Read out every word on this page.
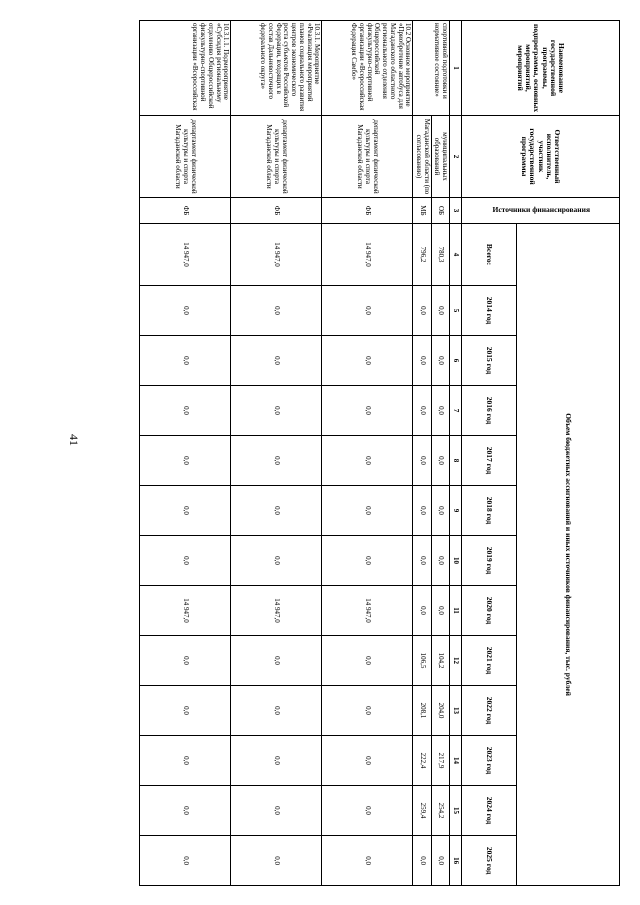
41
Наименование государственной программы, подпрограммы, основных мероприятий, мероприятий	Ответственный исполнитель, участник государственной программы	Источники финансирования	Объем бюджетных ассигнований и иных источников финансирования, тыс. рублей												
			Всего:	2014 год	2015 год	2016 год	2017 год	2018 год	2019 год	2020 год	2021 год	2022 год	2023 год	2024 год	2025 год
1	2	3	4	5	6	7	8	9	10	11	12	13	14	15	16
спортивной подготовки и нормативное состояние»	муниципальных образований	ОБ	780,3	0,0	0,0	0,0	0,0	0,0	0,0	0,0	104,2	204,0	217,9	254,2	0,0
	Магаданской области (по согласованию)	МБ	796,2	0,0	0,0	0,0	0,0	0,0	0,0	0,0	106,5	208,1	222,4	259,4	0,0
10.2 Основное мероприятие «Приобретение автобуса для Магаданского областного регионального отделения Общероссийской физкультурно-спортивной организации «Всероссийская Федерация Самбо»	департамент физической культуры и спорта Магаданской области	ФБ	14 947,0	0,0	0,0	0,0	0,0	0,0	0,0	14 947,0	0,0	0,0	0,0	0,0	0,0
10.3.1. Мероприятие «Реализация мероприятий планов социального развития центров экономического роста субъектов Российской Федерации, входящих в состав Дальневосточного федерального округа»	департамент физической культуры и спорта Магаданской области	ФБ	14 947,0	0,0	0,0	0,0	0,0	0,0	0,0	14 947,0	0,0	0,0	0,0	0,0	0,0
10.3.1.1. Подмероприятие «Субсидия региональному отделению Общероссийской физкультурно-спортивной организации «Всероссийская	департамент физической культуры и спорта Магаданской области	ФБ	14 947,0	0,0	0,0	0,0	0,0	0,0	0,0	14 947,0	0,0	0,0	0,0	0,0	0,0
